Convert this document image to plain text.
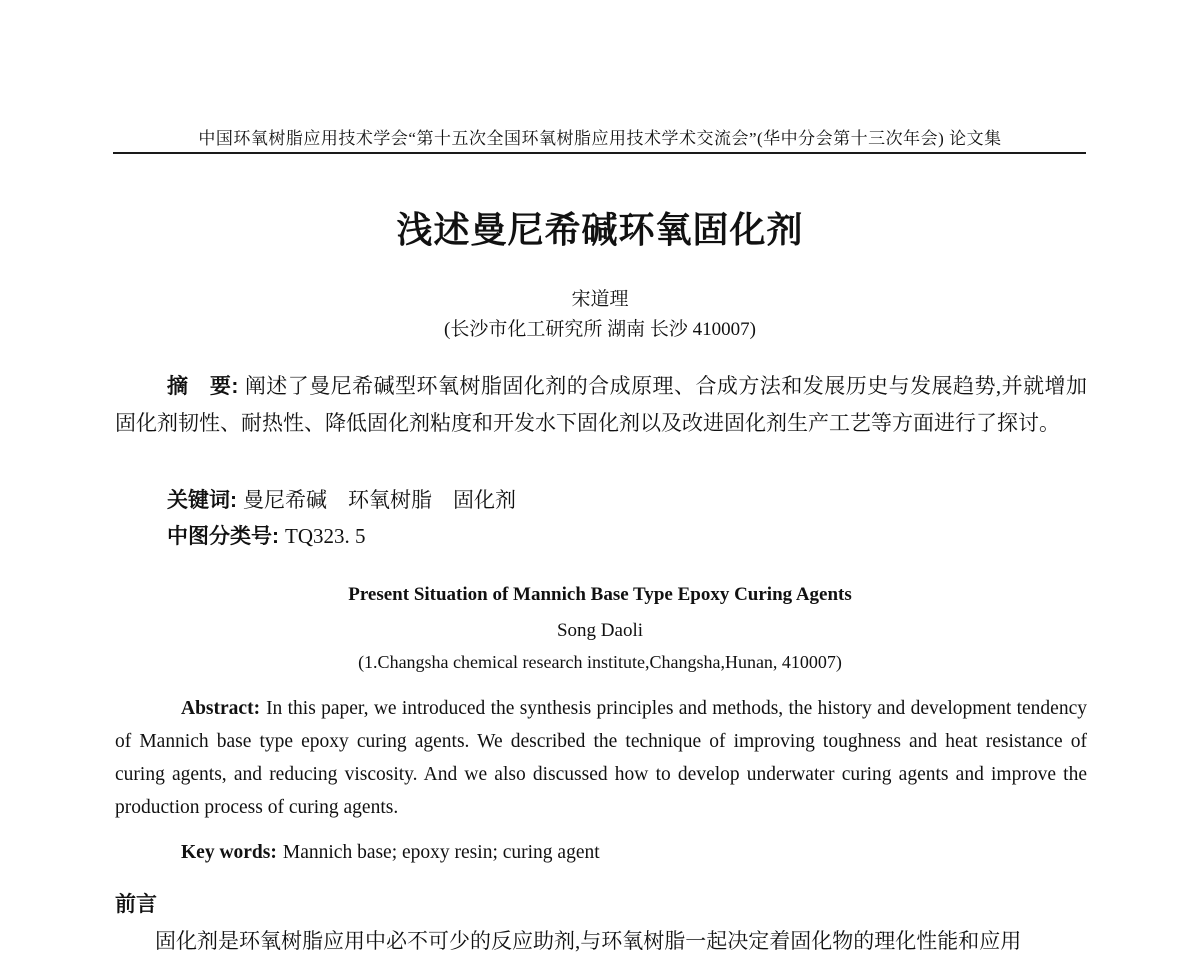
中国环氧树脂应用技术学会“第十五次全国环氧树脂应用技术学术交流会”(华中分会第十三次年会) 论文集
浅述曼尼希碱环氧固化剂
宋道理
(长沙市化工研究所 湖南 长沙 410007)

摘　要: 阐述了曼尼希碱型环氧树脂固化剂的合成原理、合成方法和发展历史与发展趋势,并就增加固化剂韧性、耐热性、降低固化剂粘度和开发水下固化剂以及改进固化剂生产工艺等方面进行了探讨。

关键词: 曼尼希碱　环氧树脂　固化剂
中图分类号: TQ323. 5
Present Situation of Mannich Base Type Epoxy Curing Agents
Song Daoli
(1.Changsha chemical research institute,Changsha,Hunan, 410007)

Abstract: In this paper, we introduced the synthesis principles and methods, the history and development tendency of Mannich base type epoxy curing agents. We described the technique of improving toughness and heat resistance of curing agents, and reducing viscosity. And we also discussed how to develop underwater curing agents and improve the production process of curing agents.

Key words: Mannich base; epoxy resin; curing agent
前言

固化剂是环氧树脂应用中必不可少的反应助剂,与环氧树脂一起决定着固化物的理化性能和应用
